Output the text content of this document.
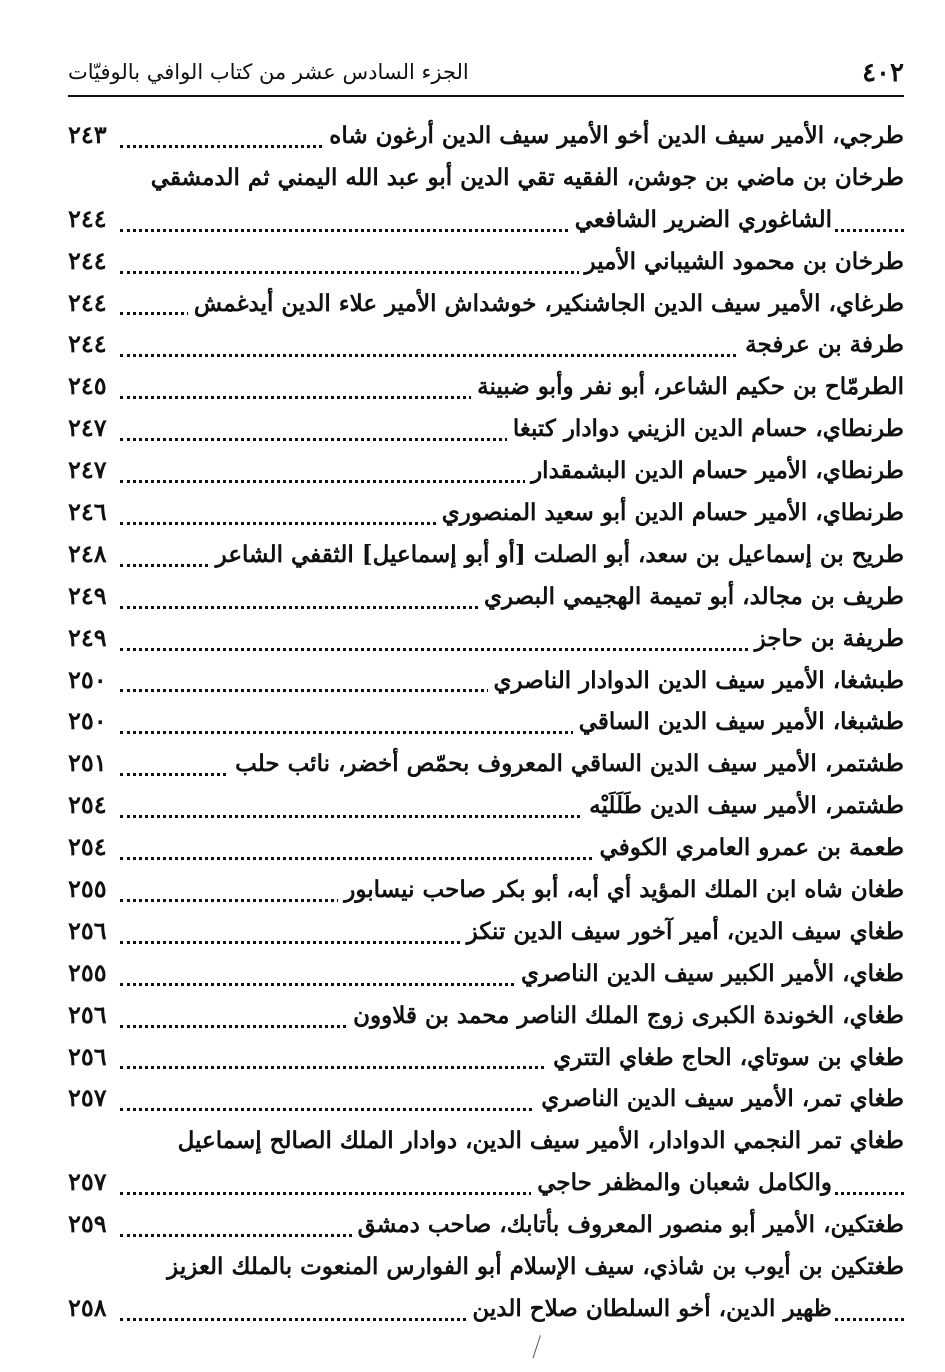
٤٠٢
الجزء السادس عشر من كتاب الوافي بالوفيّات
طرجي، الأمير سيف الدين أخو الأمير سيف الدين أرغون شاه
٢٤٣
طرخان بن ماضي بن جوشن، الفقيه تقي الدين أبو عبد الله اليمني ثم الدمشقي
الشاغوري الضرير الشافعي
٢٤٤
طرخان بن محمود الشيباني الأمير
٢٤٤
طرغاي، الأمير سيف الدين الجاشنكير، خوشداش الأمير علاء الدين أيدغمش
٢٤٤
طرفة بن عرفجة
٢٤٤
الطرمّاح بن حكيم الشاعر، أبو نفر وأبو ضبينة
٢٤٥
طرنطاي، حسام الدين الزيني دوادار كتبغا
٢٤٧
طرنطاي، الأمير حسام الدين البشمقدار
٢٤٧
طرنطاي، الأمير حسام الدين أبو سعيد المنصوري
٢٤٦
طريح بن إسماعيل بن سعد، أبو الصلت [أو أبو إسماعيل] الثقفي الشاعر
٢٤٨
طريف بن مجالد، أبو تميمة الهجيمي البصري
٢٤٩
طريفة بن حاجز
٢٤٩
طبشغا، الأمير سيف الدين الدوادار الناصري
٢٥٠
طشبغا، الأمير سيف الدين الساقي
٢٥٠
طشتمر، الأمير سيف الدين الساقي المعروف بحمّص أخضر، نائب حلب
٢٥١
طشتمر، الأمير سيف الدين طَلَلَيْه
٢٥٤
طعمة بن عمرو العامري الكوفي
٢٥٤
طغان شاه ابن الملك المؤيد أي أبه، أبو بكر صاحب نيسابور
٢٥٥
طغاي سيف الدين، أمير آخور سيف الدين تنكز
٢٥٦
طغاي، الأمير الكبير سيف الدين الناصري
٢٥٥
طغاي، الخوندة الكبرى زوج الملك الناصر محمد بن قلاوون
٢٥٦
طغاي بن سوتاي، الحاج طغاي التتري
٢٥٦
طغاي تمر، الأمير سيف الدين الناصري
٢٥٧
طغاي تمر النجمي الدوادار، الأمير سيف الدين، دوادار الملك الصالح إسماعيل
والكامل شعبان والمظفر حاجي
٢٥٧
طغتكين، الأمير أبو منصور المعروف بأتابك، صاحب دمشق
٢٥٩
طغتكين بن أيوب بن شاذي، سيف الإسلام أبو الفوارس المنعوت بالملك العزيز
ظهير الدين، أخو السلطان صلاح الدين
٢٥٨
